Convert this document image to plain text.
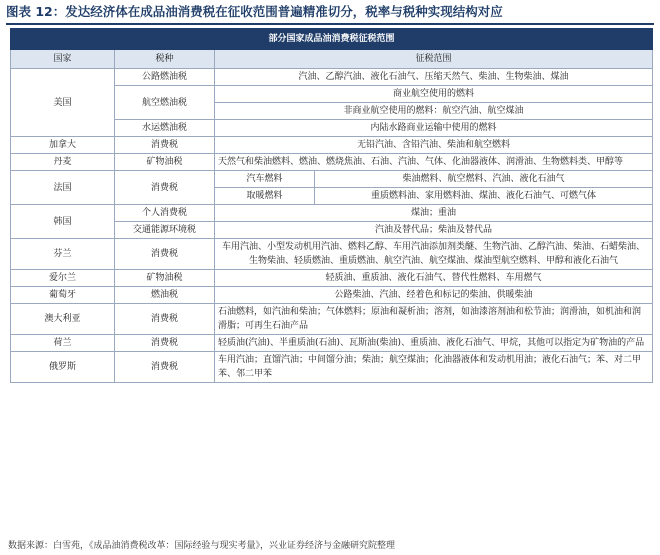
图表 12：发达经济体在成品油消费税在征收范围普遍精准切分，税率与税种实现结构对应
部分国家成品油消费税征税范围			
国家	税种	征税范围	
美国	公路燃油税	汽油、乙醇汽油、液化石油气、压缩天然气、柴油、生物柴油、煤油	
	航空燃油税	商业航空使用的燃料	
		非商业航空使用的燃料：航空汽油、航空煤油	
	水运燃油税	内陆水路商业运输中使用的燃料	
加拿大	消费税	无铅汽油、含铅汽油、柴油和航空燃料	
丹麦	矿物油税	天然气和柴油燃料、燃油、燃烧焦油、石油、汽油、气体、化油器液体、润滑油、生物燃料类、甲醇等	
法国	消费税	汽车燃料	柴油燃料、航空燃料、汽油、液化石油气
		取暖燃料	重质燃料油、家用燃料油、煤油、液化石油气、可燃气体
韩国	个人消费税	煤油；重油	
	交通能源环境税	汽油及替代品；柴油及替代品	
芬兰	消费税	车用汽油、小型发动机用汽油、燃料乙醇、车用汽油添加剂类醚、生物汽油、乙醇汽油、柴油、石蜡柴油、生物柴油、轻质燃油、重质燃油、航空汽油、航空煤油、煤油型航空燃料、甲醇和液化石油气	
爱尔兰	矿物油税	轻质油、重质油、液化石油气、替代性燃料、车用燃气	
葡萄牙	燃油税	公路柴油、汽油、经着色和标记的柴油、供暖柴油	
澳大利亚	消费税	石油燃料，如汽油和柴油；气体燃料；原油和凝析油；溶剂，如油漆溶剂油和松节油；润滑油，如机油和润滑脂；可再生石油产品	
荷兰	消费税	轻质油(汽油)、半重质油(石油)、瓦斯油(柴油)、重质油、液化石油气、甲烷，其他可以指定为矿物油的产品	
俄罗斯	消费税	车用汽油；直馏汽油；中间馏分油；柴油；航空煤油；化油器液体和发动机用油；液化石油气；苯、对二甲苯、邻二甲苯	
数据来源：白雪苑，《成品油消费税改革：国际经验与现实考量》，兴业证券经济与金融研究院整理
